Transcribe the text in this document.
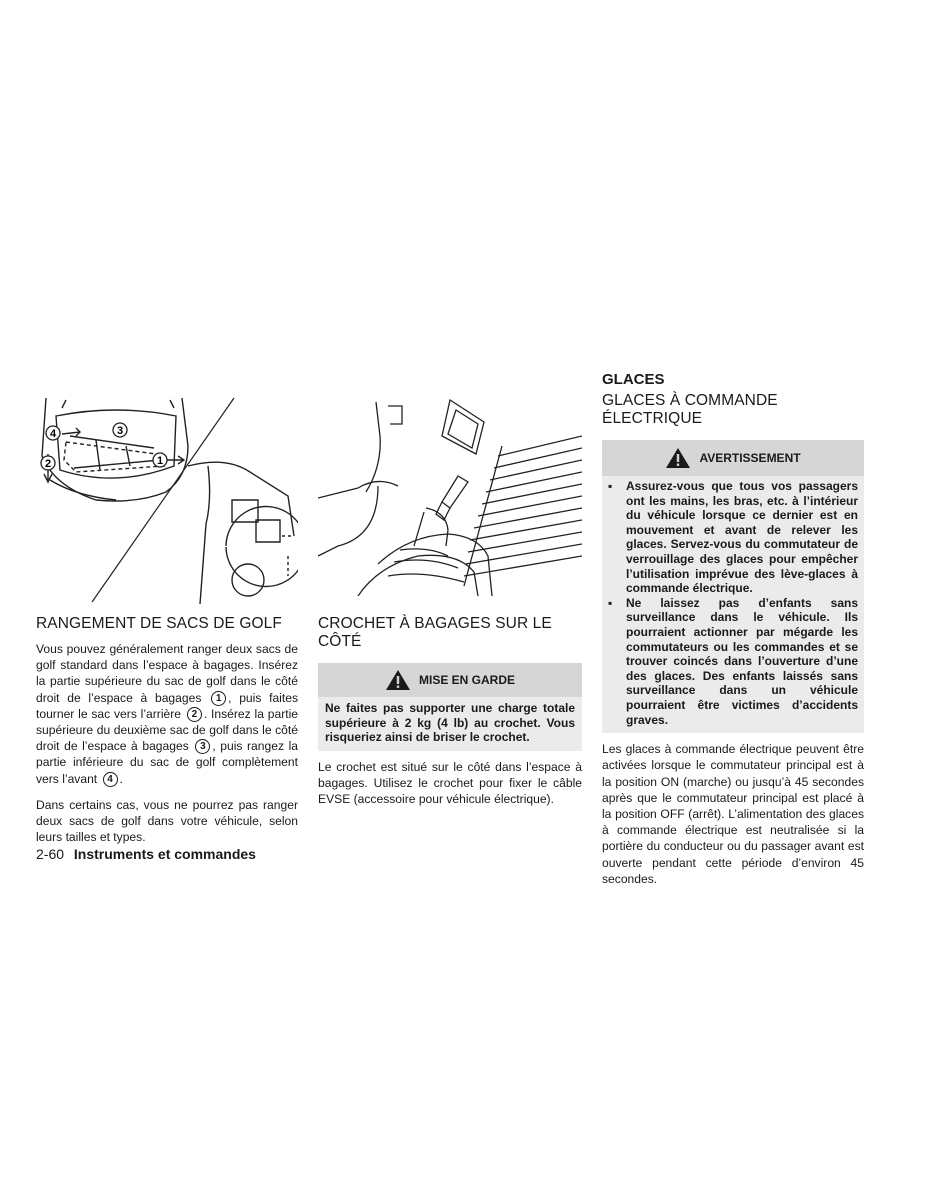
1
2
3
4
RANGEMENT DE SACS DE GOLF

Vous pouvez généralement ranger deux sacs de golf standard dans l’espace à bagages. Insérez la partie supérieure du sac de golf dans le côté droit de l’espace à bagages 1 , puis faites tourner le sac vers l’arrière 2 . Insérez la partie supérieure du deuxième sac de golf dans le côté droit de l’espace à bagages 3 , puis rangez la partie inférieure du sac de golf complètement vers l’avant 4 .

Dans certains cas, vous ne pourrez pas ranger deux sacs de golf dans votre véhicule, selon leurs tailles et types.

2-60 Instruments et commandes
CROCHET À BAGAGES SUR LE CÔTÉ
MISE EN GARDE
Ne faites pas supporter une charge totale supérieure à 2 kg (4 lb) au crochet. Vous risqueriez ainsi de briser le crochet.

Le crochet est situé sur le côté dans l’espace à bagages. Utilisez le crochet pour fixer le câble EVSE (accessoire pour véhicule électrique).

GLACES
GLACES À COMMANDE ÉLECTRIQUE
AVERTISSEMENT
▪	Assurez-vous que tous vos passagers ont les mains, les bras, etc. à l’intérieur du véhicule lorsque ce dernier est en mouvement et avant de relever les glaces. Servez-vous du commutateur de verrouillage des glaces pour empêcher l’utilisation imprévue des lève-glaces à commande électrique.
▪	Ne laissez pas d’enfants sans surveillance dans le véhicule. Ils pourraient actionner par mégarde les commutateurs ou les commandes et se trouver coincés dans l’ouverture d’une des glaces. Des enfants laissés sans surveillance dans un véhicule pourraient être victimes d’accidents graves.

Les glaces à commande électrique peuvent être activées lorsque le commutateur principal est à la position ON (marche) ou jusqu’à 45 secondes après que le commutateur principal est placé à la position OFF (arrêt). L’alimentation des glaces à commande électrique est neutralisée si la portière du conducteur ou du passager avant est ouverte pendant cette période d’environ 45 secondes.
